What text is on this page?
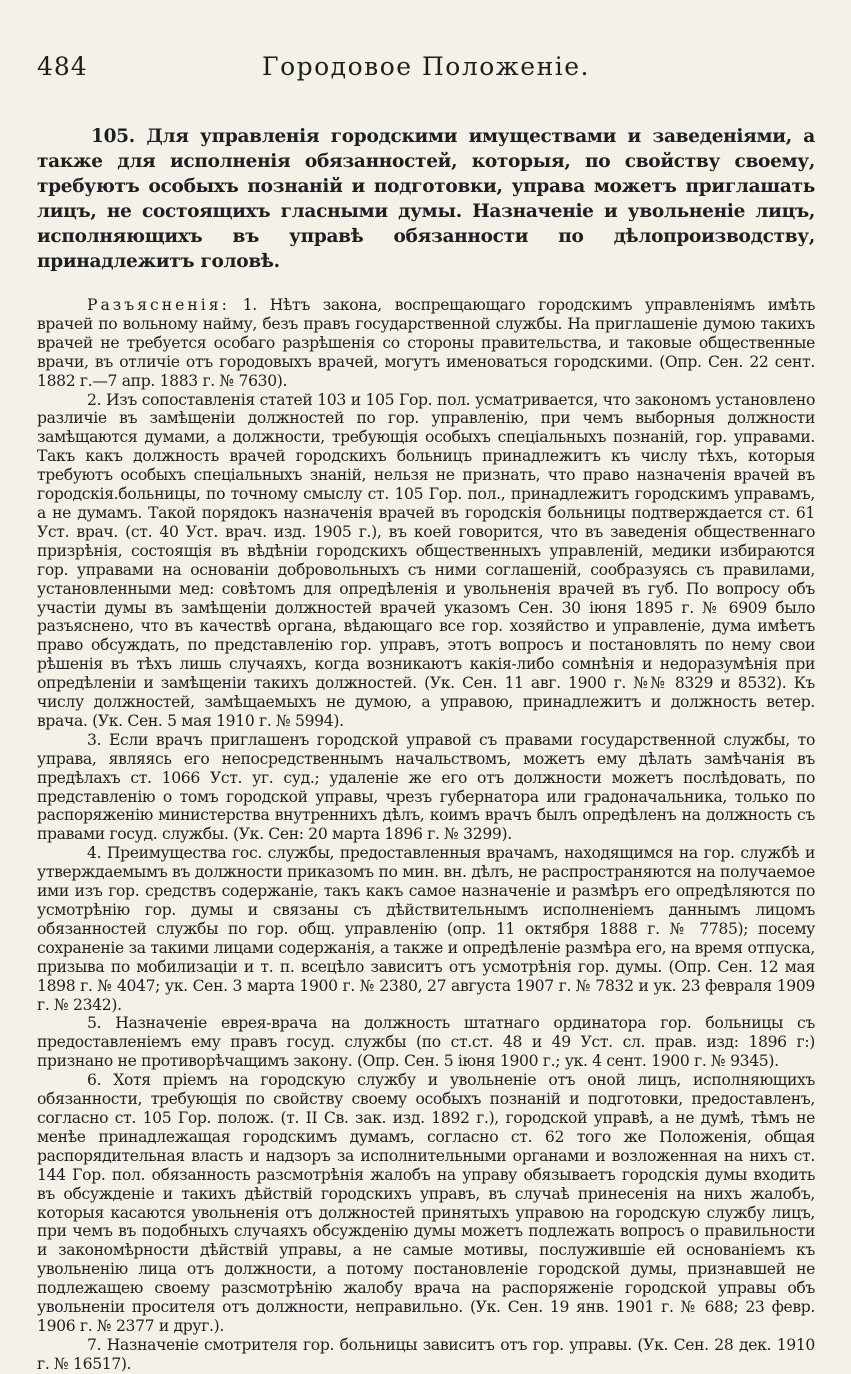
484	Городовое Положеніе.
105. Для управленія городскими имуществами и заведеніями, а также для исполненія обязанностей, которыя, по свойству своему, требуютъ особыхъ познаній и подготовки, управа можетъ приглашать лицъ, не состоящихъ гласными думы. Назначеніе и увольненіе лицъ, исполняющихъ въ управѣ обязанности по дѣлопроизводству, принадлежитъ головѣ.

Разъясненія: 1. Нѣтъ закона, воспрещающаго городскимъ управленіямъ имѣть врачей по вольному найму, безъ правъ государственной службы. На приглашеніе думою такихъ врачей не требуется особаго разрѣшенія со стороны правительства, и таковые общественные врачи, въ отличіе отъ городовыхъ врачей, могутъ именоваться городскими. (Опр. Сен. 22 сент. 1882 г.—7 апр. 1883 г. № 7630).

2. Изъ сопоставленія статей 103 и 105 Гор. пол. усматривается, что закономъ установлено различіе въ замѣщеніи должностей по гор. управленію, при чемъ выборныя должности замѣщаются думами, а должности, требующія особыхъ спеціальныхъ познаній, гор. управами. Такъ какъ должность врачей городскихъ больницъ принадлежитъ къ числу тѣхъ, которыя требуютъ особыхъ спеціальныхъ знаній, нельзя не признать, что право назначенія врачей въ городскія.больницы, по точному смыслу ст. 105 Гор. пол., принадлежитъ городскимъ управамъ, а не думамъ. Такой порядокъ назначенія врачей въ городскія больницы подтверждается ст. 61 Уст. врач. (ст. 40 Уст. врач. изд. 1905 г.), въ коей говорится, что въ заведенія общественнаго призрѣнія, состоящія въ вѣдѣніи городскихъ общественныхъ управленій, медики избираются гор. управами на основаніи добровольныхъ съ ними соглашеній, сообразуясь съ правилами, установленными мед: совѣтомъ для опредѣленія и увольненія врачей въ губ. По вопросу объ участіи думы въ замѣщеніи должностей врачей указомъ Сен. 30 іюня 1895 г. № 6909 было разъяснено, что въ качествѣ органа, вѣдающаго все гор. хозяйство и управленіе, дума имѣетъ право обсуждать, по представленію гор. управъ, этотъ вопросъ и постановлять по нему свои рѣшенія въ тѣхъ лишь случаяхъ, когда возникаютъ какія-либо сомнѣнія и недоразумѣнія при опредѣленіи и замѣщеніи такихъ должностей. (Ук. Сен. 11 авг. 1900 г. №№ 8329 и 8532). Къ числу должностей, замѣщаемыхъ не думою, а управою, принадлежитъ и должность ветер. врача. (Ук. Сен. 5 мая 1910 г. № 5994).

3. Если врачъ приглашенъ городской управой съ правами государственной службы, то управа, являясь его непосредственнымъ начальствомъ, можетъ ему дѣлать замѣчанія въ предѣлахъ ст. 1066 Уст. уг. суд.; удаленіе же его отъ должности можетъ послѣдовать, по представленію о томъ городской управы, чрезъ губернатора или градоначальника, только по распоряженію министерства внутреннихъ дѣлъ, коимъ врачъ былъ опредѣленъ на должность съ правами госуд. службы. (Ук. Сен: 20 марта 1896 г. № 3299).

4. Преимущества гос. службы, предоставленныя врачамъ, находящимся на гор. службѣ и утверждаемымъ въ должности приказомъ по мин. вн. дѣлъ, не распространяются на получаемое ими изъ гор. средствъ содержаніе, такъ какъ самое назначеніе и размѣръ его опредѣляются по усмотрѣнію гор. думы и связаны съ дѣйствительнымъ исполненіемъ даннымъ лицомъ обязанностей службы по гор. общ. управленію (опр. 11 октября 1888 г. № 7785); посему сохраненіе за такими лицами содержанія, а также и опредѣленіе размѣра его, на время отпуска, призыва по мобилизаціи и т. п. всецѣло зависитъ отъ усмотрѣнія гор. думы. (Опр. Сен. 12 мая 1898 г. № 4047; ук. Сен. 3 марта 1900 г. № 2380, 27 августа 1907 г. № 7832 и ук. 23 февраля 1909 г. № 2342).

5. Назначеніе еврея-врача на должность штатнаго ординатора гор. больницы съ предоставленіемъ ему правъ госуд. службы (по ст.ст. 48 и 49 Уст. сл. прав. изд: 1896 г:) признано не противорѣчащимъ закону. (Опр. Сен. 5 іюня 1900 г.; ук. 4 сент. 1900 г. № 9345).

6. Хотя пріемъ на городскую службу и увольненіе отъ оной лицъ, исполняющихъ обязанности, требующія по свойству своему особыхъ познаній и подготовки, предоставленъ, согласно ст. 105 Гор. полож. (т. II Св. зак. изд. 1892 г.), городской управѣ, а не думѣ, тѣмъ не менѣе принадлежащая городскимъ думамъ, согласно ст. 62 того же Положенія, общая распорядительная власть и надзоръ за исполнительными органами и возложенная на нихъ ст. 144 Гор. пол. обязанность разсмотрѣнія жалобъ на управу обязываетъ городскія думы входить въ обсужденіе и такихъ дѣйствій городскихъ управъ, въ случаѣ принесенія на нихъ жалобъ, которыя касаются увольненія отъ должностей принятыхъ управою на городскую службу лицъ, при чемъ въ подобныхъ случаяхъ обсужденію думы можетъ подлежать вопросъ о правильности и закономѣрности дѣйствій управы, а не самые мотивы, послужившіе ей основаніемъ къ увольненію лица отъ должности, а потому постановленіе городской думы, признавшей не подлежащею своему разсмотрѣнію жалобу врача на распоряженіе городской управы объ увольненіи просителя отъ должности, неправильно. (Ук. Сен. 19 янв. 1901 г. № 688; 23 февр. 1906 г. № 2377 и друг.).

7. Назначеніе смотрителя гор. больницы зависитъ отъ гор. управы. (Ук. Сен. 28 дек. 1910 г. № 16517).
